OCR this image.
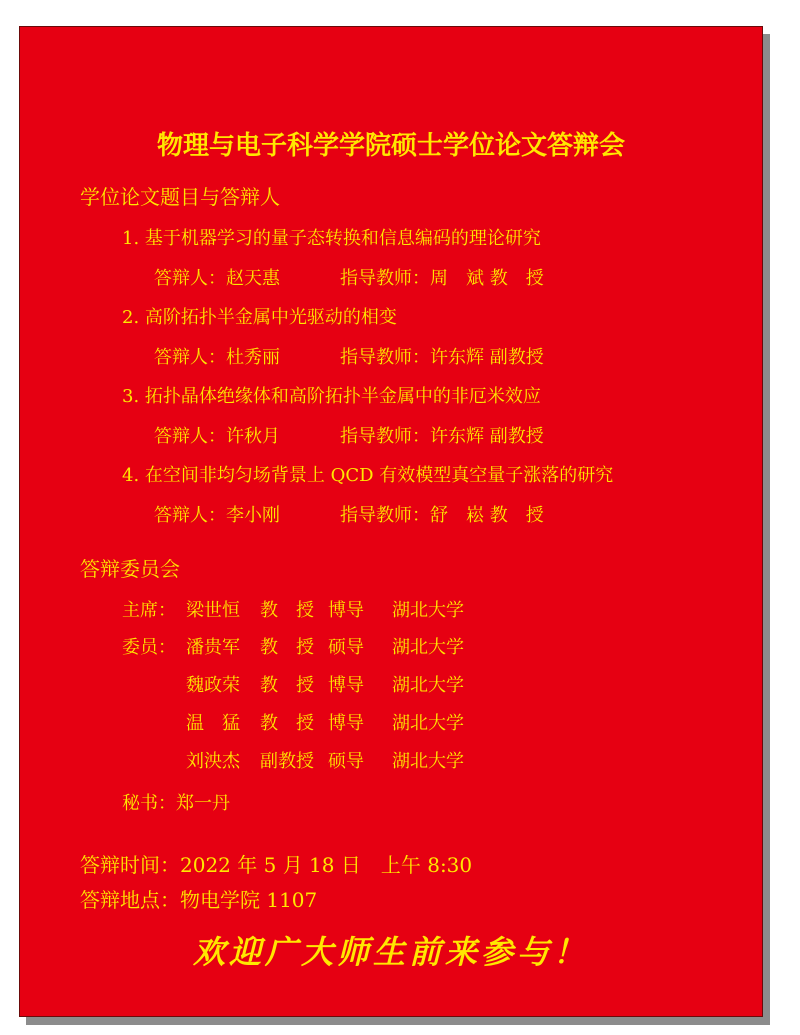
物理与电子科学学院硕士学位论文答辩会
学位论文题目与答辩人
1. 基于机器学习的量子态转换和信息编码的理论研究
答辩人：赵天惠	指导教师：周　斌 教　授
2. 高阶拓扑半金属中光驱动的相变
答辩人：杜秀丽	指导教师：许东辉 副教授
3. 拓扑晶体绝缘体和高阶拓扑半金属中的非厄米效应
答辩人：许秋月	指导教师：许东辉 副教授
4. 在空间非均匀场背景上 QCD 有效模型真空量子涨落的研究
答辩人：李小刚	指导教师：舒　崧 教　授
答辩委员会
主席： 梁世恒 教　授 博导 湖北大学
委员： 潘贵军 教　授 硕导 湖北大学
魏政荣 教　授 博导 湖北大学
温　猛 教　授 博导 湖北大学
刘泱杰 副教授 硕导 湖北大学
秘书：郑一丹
答辩时间：2022 年 5 月 18 日　上午 8:30
答辩地点：物电学院 1107
欢迎广大师生前来参与！
